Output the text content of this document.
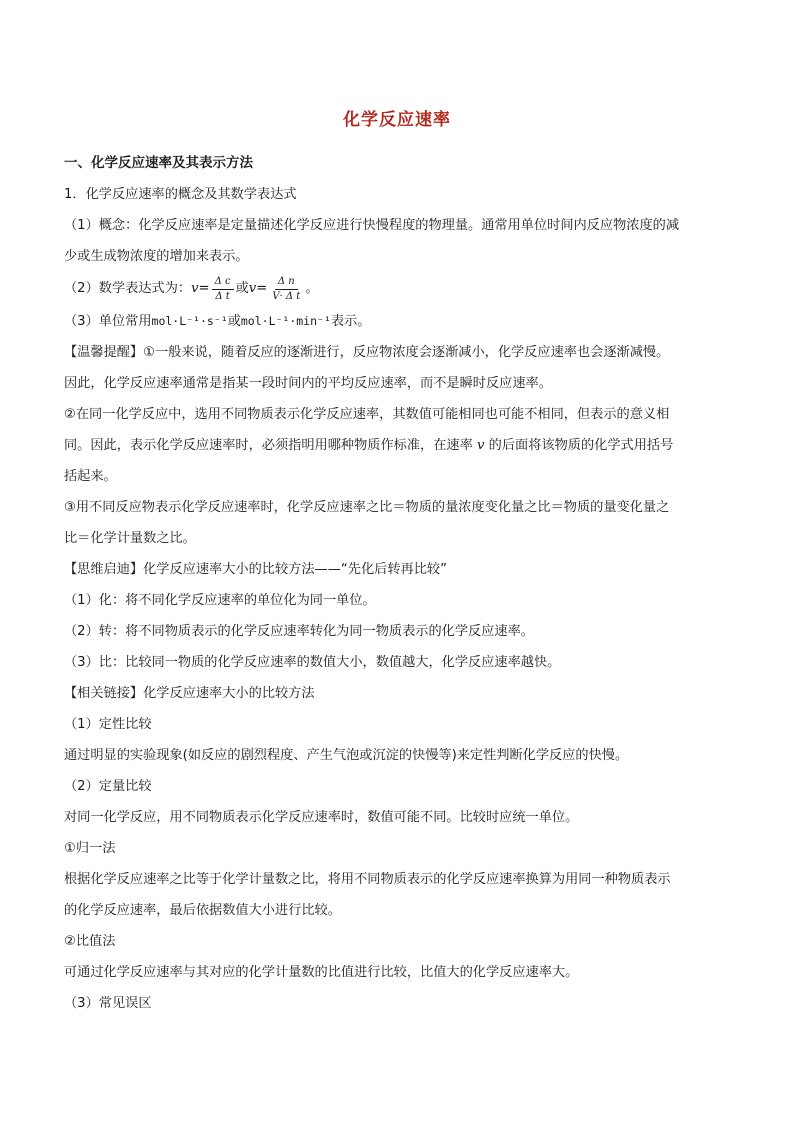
化学反应速率
一、化学反应速率及其表示方法
1．化学反应速率的概念及其数学表达式
（1）概念：化学反应速率是定量描述化学反应进行快慢程度的物理量。通常用单位时间内反应物浓度的减
少或生成物浓度的增加来表示。
（2）数学表达式为： $v = \frac{\text{Δ c}}{\text{Δ t}}$ 或 $v = \frac{\text{Δ n}}{\text{V· Δ t}}$ 。
（3）单位常用mol·L⁻¹·s⁻¹或mol·L⁻¹·min⁻¹表示。
【温馨提醒】①一般来说，随着反应的逐渐进行，反应物浓度会逐渐减小，化学反应速率也会逐渐减慢。
因此，化学反应速率通常是指某一段时间内的平均反应速率，而不是瞬时反应速率。
②在同一化学反应中，选用不同物质表示化学反应速率，其数值可能相同也可能不相同，但表示的意义相
同。因此，表示化学反应速率时，必须指明用哪种物质作标准，在速率 v 的后面将该物质的化学式用括号
括起来。
③用不同反应物表示化学反应速率时，化学反应速率之比＝物质的量浓度变化量之比＝物质的量变化量之
比＝化学计量数之比。
【思维启迪】化学反应速率大小的比较方法——“先化后转再比较”
（1）化：将不同化学反应速率的单位化为同一单位。
（2）转：将不同物质表示的化学反应速率转化为同一物质表示的化学反应速率。
（3）比：比较同一物质的化学反应速率的数值大小，数值越大，化学反应速率越快。
【相关链接】化学反应速率大小的比较方法
（1）定性比较
通过明显的实验现象(如反应的剧烈程度、产生气泡或沉淀的快慢等)来定性判断化学反应的快慢。
（2）定量比较
对同一化学反应，用不同物质表示化学反应速率时，数值可能不同。比较时应统一单位。
①归一法
根据化学反应速率之比等于化学计量数之比，将用不同物质表示的化学反应速率换算为用同一种物质表示
的化学反应速率，最后依据数值大小进行比较。
②比值法
可通过化学反应速率与其对应的化学计量数的比值进行比较，比值大的化学反应速率大。
（3）常见误区
